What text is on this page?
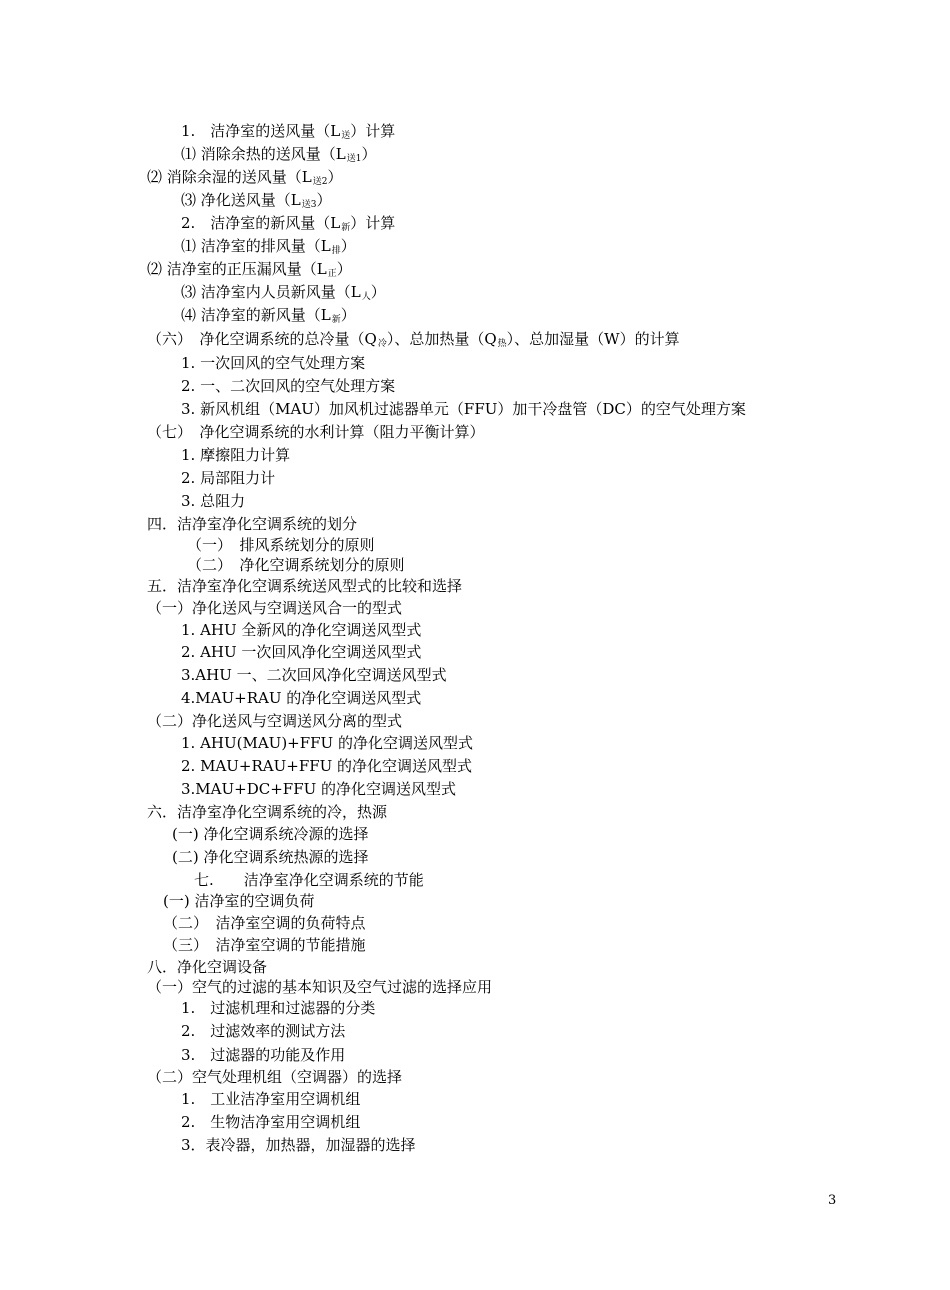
1.　洁净室的送风量$(L_送)$计算
⑴ 消除余热的送风量$(L_{送1})$
⑵ 消除余湿的送风量$(L_{送2})$
⑶ 净化送风量$(L_{送3})$
2.　洁净室的新风量$(L_新)$计算
⑴ 洁净室的排风量$(L_排)$
⑵ 洁净室的正压漏风量$(L_正)$
⑶ 洁净室内人员新风量$(L_人)$
⑷ 洁净室的新风量$(L_新)$
（六）　净化空调系统的总冷量$(Q_冷)$、总加热量$(Q_热)$、总加湿量（W）的计算
1. 一次回风的空气处理方案
2. 一、二次回风的空气处理方案
3. 新风机组（MAU）加风机过滤器单元（FFU）加干冷盘管（DC）的空气处理方案
（七）　净化空调系统的水利计算（阻力平衡计算）
1. 摩擦阻力计算
2. 局部阻力计
3. 总阻力
四．洁净室净化空调系统的划分
（一）　排风系统划分的原则
（二）　净化空调系统划分的原则
五．洁净室净化空调系统送风型式的比较和选择
（一）净化送风与空调送风合一的型式
1. AHU 全新风的净化空调送风型式
2. AHU 一次回风净化空调送风型式
3.AHU 一、二次回风净化空调送风型式
4.MAU+RAU 的净化空调送风型式
（二）净化送风与空调送风分离的型式
1. AHU(MAU)+FFU 的净化空调送风型式
2. MAU+RAU+FFU 的净化空调送风型式
3.MAU+DC+FFU 的净化空调送风型式
六．洁净室净化空调系统的冷，热源
(一) 净化空调系统冷源的选择
(二) 净化空调系统热源的选择
七.　　洁净室净化空调系统的节能
(一) 洁净室的空调负荷
（二）　洁净室空调的负荷特点
（三）　洁净室空调的节能措施
八．净化空调设备
（一）空气的过滤的基本知识及空气过滤的选择应用
1.　过滤机理和过滤器的分类
2.　过滤效率的测试方法
3.　过滤器的功能及作用
（二）空气处理机组（空调器）的选择
1.　工业洁净室用空调机组
2.　生物洁净室用空调机组
3．表冷器，加热器，加湿器的选择
3
